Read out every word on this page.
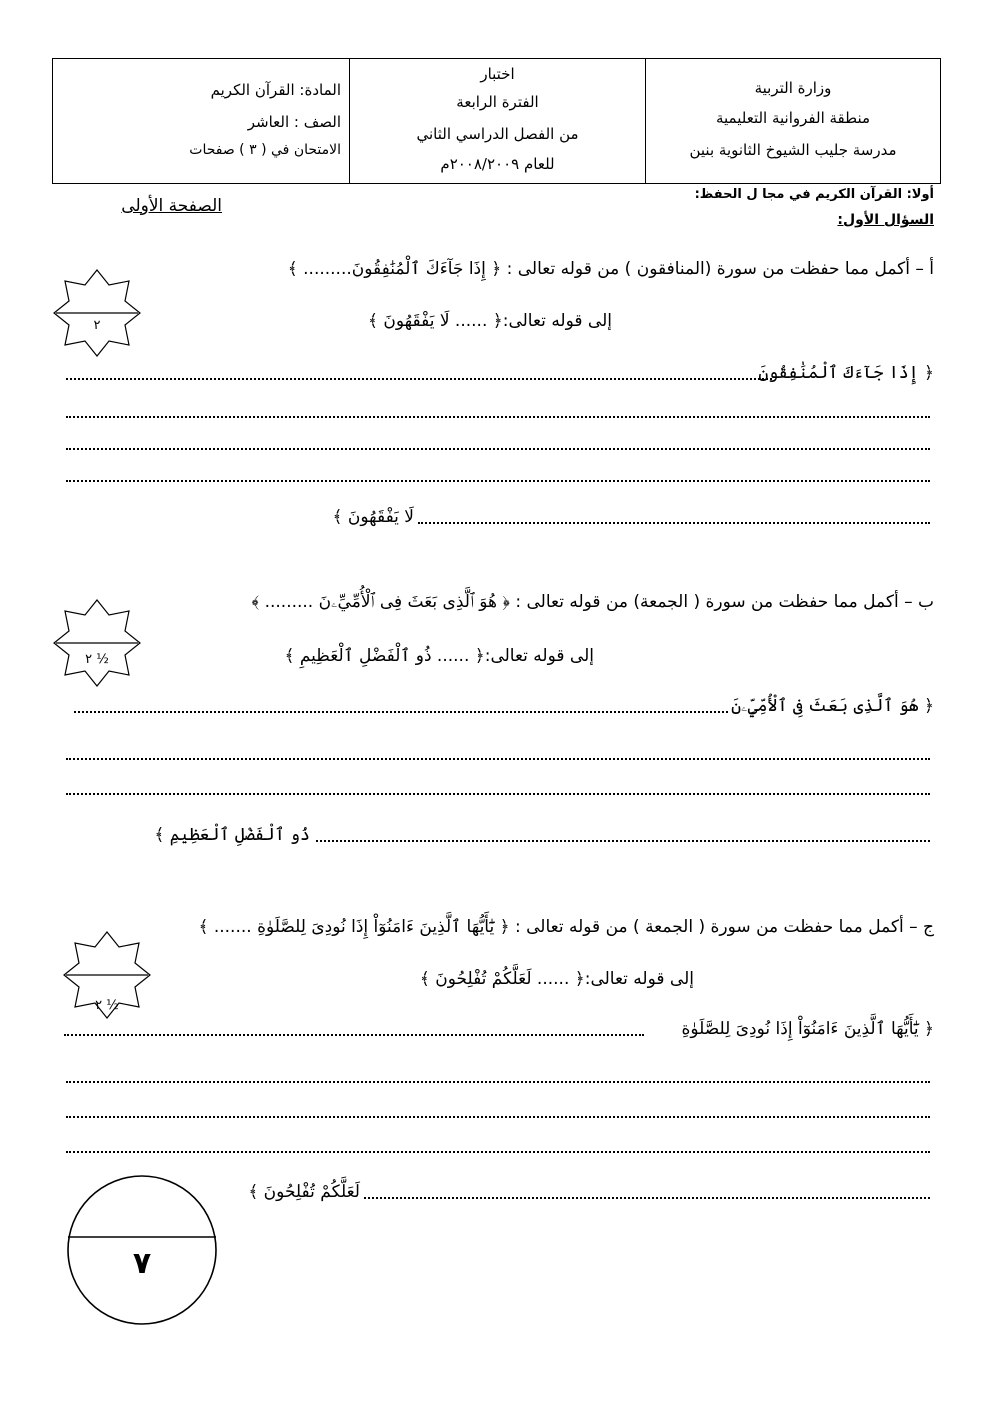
المادة: القرآن الكريم
الصف : العاشر
الامتحان في ( ٣ ) صفحات
اختبار
الفترة الرابعة
من الفصل الدراسي الثاني
للعام ٢٠٠٨/٢٠٠٩م
وزارة التربية
منطقة الفروانية التعليمية
مدرسة جليب الشيوخ الثانوية بنين
أولا: القرآن الكريم في مجا ل الحفظ:
السؤال الأول:
الصفحة الأولى
أ – أكمل مما حفظت من سورة (المنافقون ) من قوله تعالى : ﴿ إِذَا جَآءَكَ ٱلْمُنَٰفِقُونَ......... ﴾
إلى قوله تعالى:﴿ ...... لَا يَفْقَهُونَ ﴾
٢
﴿ إِذَا جَآءَكَ ٱلْمُنَٰفِقُونَ
لَا يَفْقَهُونَ ﴾
ب – أكمل مما حفظت من سورة ( الجمعة) من قوله تعالى : ﴿ هُوَ ٱلَّذِى بَعَثَ فِى ٱلْأُمِّيِّۦنَ ......... ﴾
إلى قوله تعالى:﴿ ...... ذُو ٱلْفَضْلِ ٱلْعَظِيمِ ﴾
٢ ½
﴿ هُوَ ٱلَّذِى بَعَثَ فِى ٱلْأُمِّيِّۦنَ
ذُو ٱلْفَضْلِ ٱلْعَظِيمِ ﴾
ج – أكمل مما حفظت من سورة ( الجمعة ) من قوله تعالى : ﴿ يَٰٓأَيُّهَا ٱلَّذِينَ ءَامَنُوٓاْ إِذَا نُودِىَ لِلصَّلَوٰةِ ....... ﴾
إلى قوله تعالى:﴿ ...... لَعَلَّكُمْ تُفْلِحُونَ ﴾
٢ ½
﴿ يَٰٓأَيُّهَا ٱلَّذِينَ ءَامَنُوٓاْ إِذَا نُودِىَ لِلصَّلَوٰةِ
لَعَلَّكُمْ تُفْلِحُونَ ﴾
٧
